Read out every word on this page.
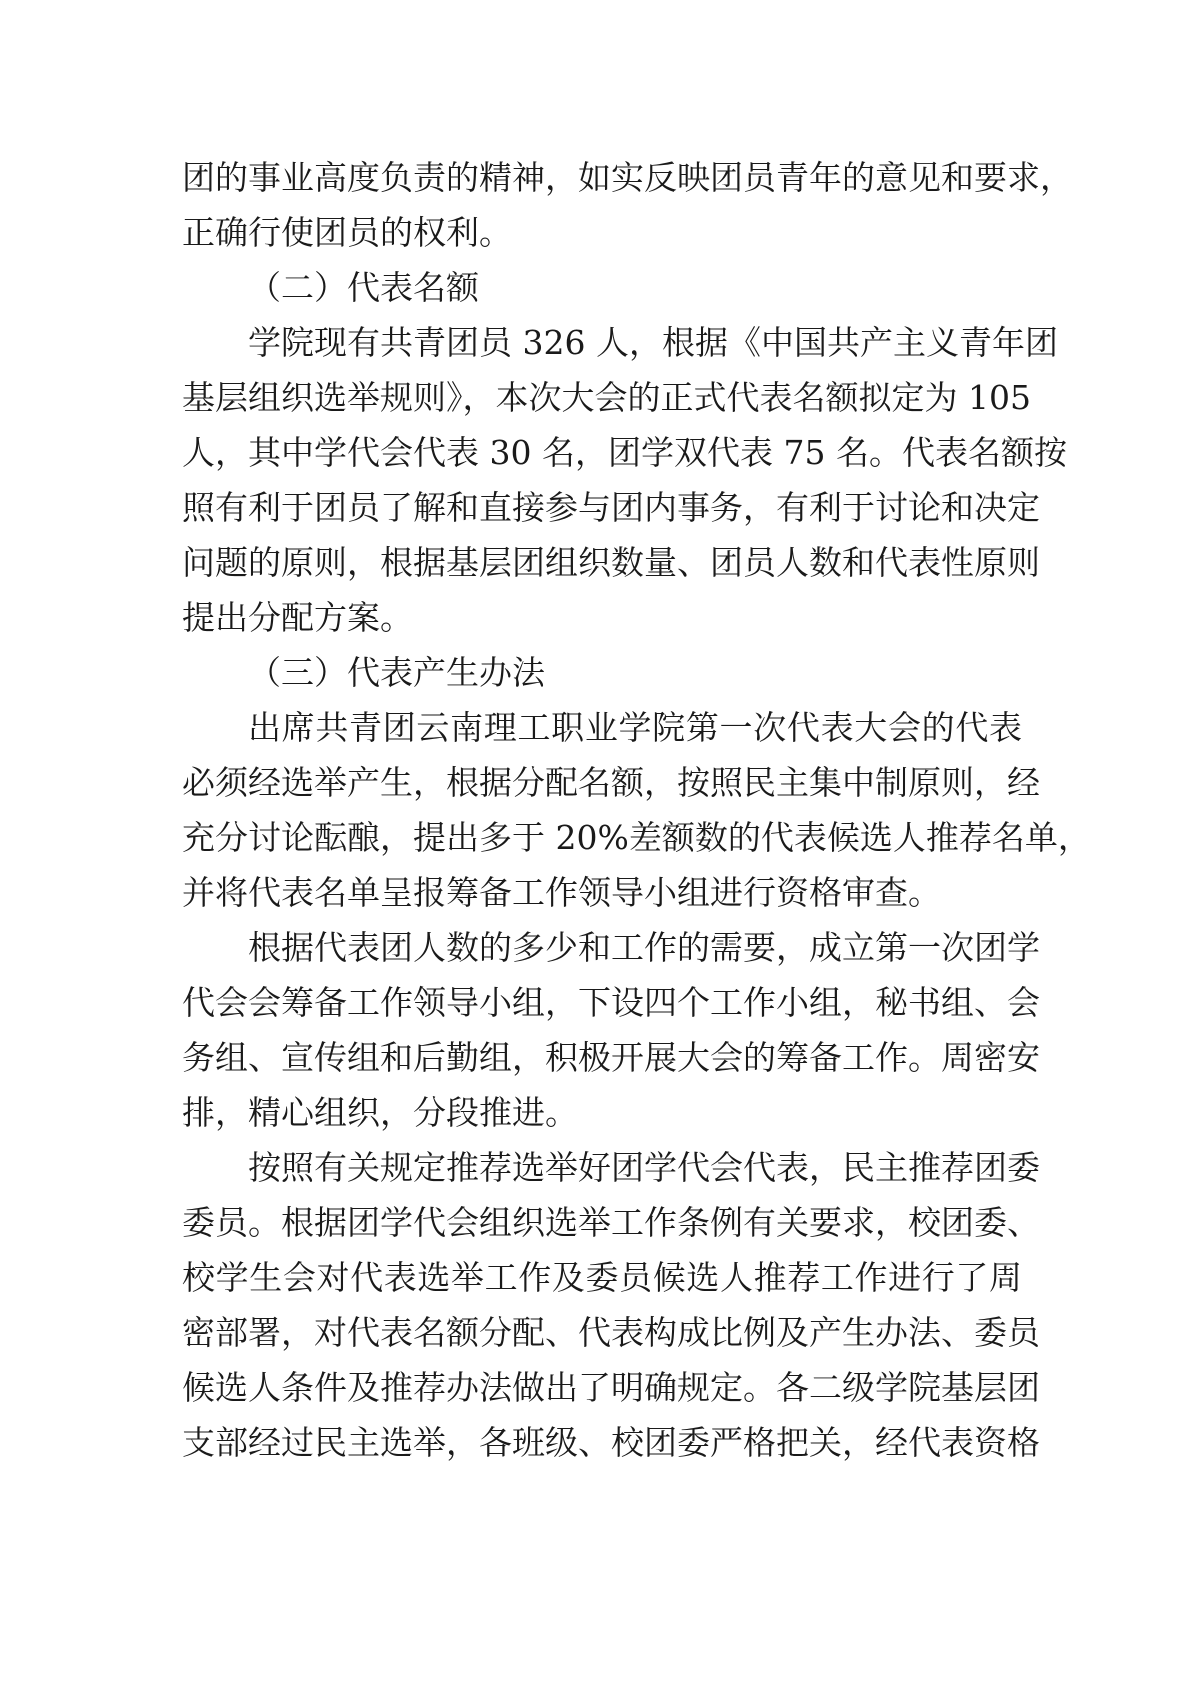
团的事业高度负责的精神，如实反映团员青年的意见和要求，
正确行使团员的权利。
（二）代表名额
学院现有共青团员 326 人，根据《中国共产主义青年团
基层组织选举规则》，本次大会的正式代表名额拟定为 105
人，其中学代会代表 30 名，团学双代表 75 名。代表名额按
照有利于团员了解和直接参与团内事务，有利于讨论和决定
问题的原则，根据基层团组织数量、团员人数和代表性原则
提出分配方案。
（三）代表产生办法
出席共青团云南理工职业学院第一次代表大会的代表
必须经选举产生，根据分配名额，按照民主集中制原则，经
充分讨论酝酿，提出多于 20%差额数的代表候选人推荐名单，
并将代表名单呈报筹备工作领导小组进行资格审查。
根据代表团人数的多少和工作的需要，成立第一次团学
代会会筹备工作领导小组，下设四个工作小组，秘书组、会
务组、宣传组和后勤组，积极开展大会的筹备工作。周密安
排，精心组织，分段推进。
按照有关规定推荐选举好团学代会代表，民主推荐团委
委员。根据团学代会组织选举工作条例有关要求，校团委、
校学生会对代表选举工作及委员候选人推荐工作进行了周
密部署，对代表名额分配、代表构成比例及产生办法、委员
候选人条件及推荐办法做出了明确规定。各二级学院基层团
支部经过民主选举，各班级、校团委严格把关，经代表资格
